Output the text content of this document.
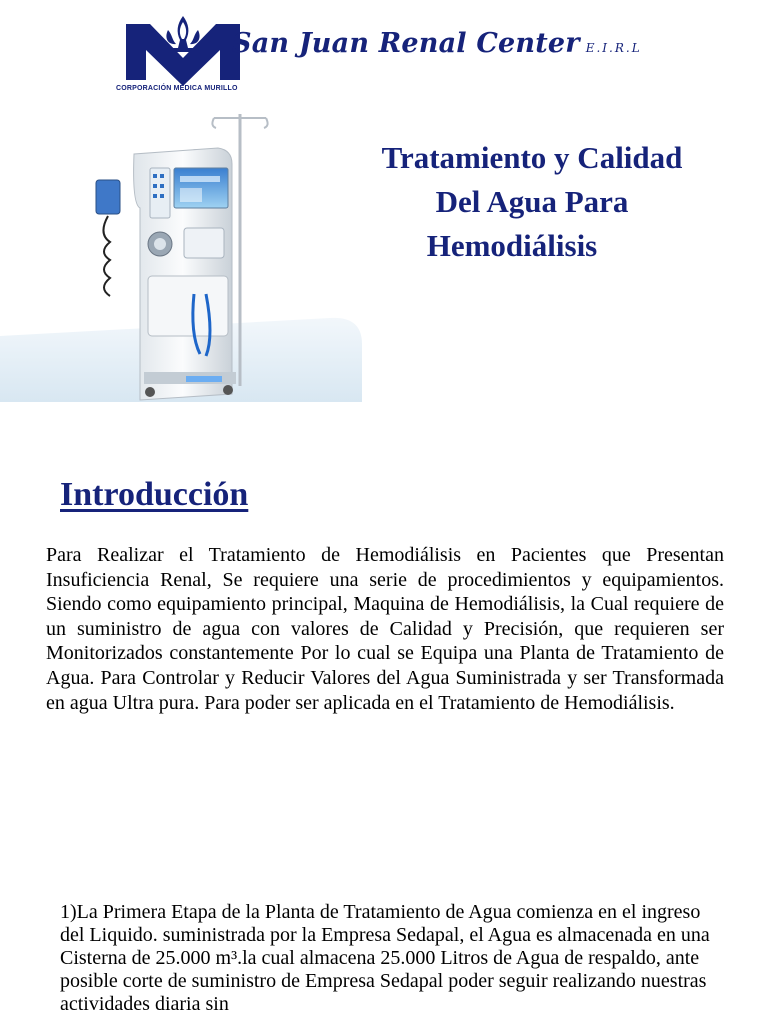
San Juan Renal Center E.I.R.L
CORPORACIÓN MÉDICA MURILLO
Tratamiento y Calidad
Del Agua Para
Hemodiálisis
Introducción

Para Realizar el Tratamiento de Hemodiálisis en Pacientes que Presentan Insuficiencia Renal, Se requiere una serie de procedimientos y equipamientos. Siendo como equipamiento principal, Maquina de Hemodiálisis, la Cual requiere de un suministro de agua con valores de Calidad y Precisión, que requieren ser Monitorizados constantemente Por lo cual se Equipa una Planta de Tratamiento de Agua. Para Controlar y Reducir Valores del Agua Suministrada y ser Transformada en agua Ultra pura. Para poder ser aplicada en el Tratamiento de Hemodiálisis.

1)La Primera Etapa de la Planta de Tratamiento de Agua comienza en el ingreso del Liquido. suministrada por la Empresa Sedapal, el Agua es almacenada en una Cisterna de 25.000 m³.la cual almacena 25.000 Litros de Agua de respaldo, ante posible corte de suministro de Empresa Sedapal poder seguir realizando nuestras actividades diaria sin
